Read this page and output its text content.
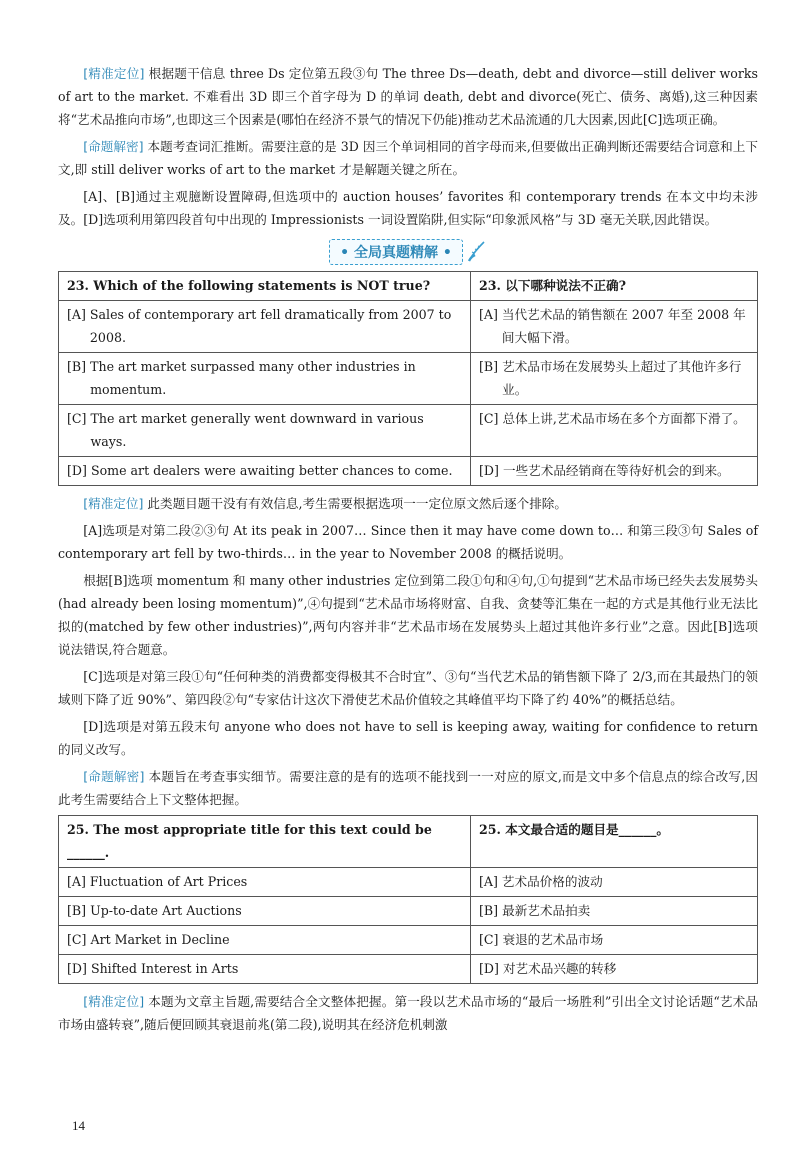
[精准定位] 根据题干信息 three Ds 定位第五段③句 The three Ds—death, debt and divorce—still deliver works of art to the market. 不难看出 3D 即三个首字母为 D 的单词 death, debt and divorce(死亡、债务、离婚),这三种因素将“艺术品推向市场”,也即这三个因素是(哪怕在经济不景气的情况下仍能)推动艺术品流通的几大因素,因此[C]选项正确。

[命题解密] 本题考查词汇推断。需要注意的是 3D 因三个单词相同的首字母而来,但要做出正确判断还需要结合词意和上下文,即 still deliver works of art to the market 才是解题关键之所在。

[A]、[B]通过主观臆断设置障碍,但选项中的 auction houses’ favorites 和 contemporary trends 在本文中均未涉及。[D]选项利用第四段首句中出现的 Impressionists 一词设置陷阱,但实际“印象派风格”与 3D 毫无关联,因此错误。

• 全局真题精解 •
23. Which of the following statements is NOT true?	23. 以下哪种说法不正确?

[A] Sales of contemporary art fell dramatically from 2007 to 2008.	[A] 当代艺术品的销售额在 2007 年至 2008 年间大幅下滑。

[B] The art market surpassed many other industries in momentum.	[B] 艺术品市场在发展势头上超过了其他许多行业。

[C] The art market generally went downward in various ways.	[C] 总体上讲,艺术品市场在多个方面都下滑了。

[D] Some art dealers were awaiting better chances to come.	[D] 一些艺术品经销商在等待好机会的到来。

[精准定位] 此类题目题干没有有效信息,考生需要根据选项一一定位原文然后逐个排除。

[A]选项是对第二段②③句 At its peak in 2007… Since then it may have come down to… 和第三段③句 Sales of contemporary art fell by two-thirds… in the year to November 2008 的概括说明。

根据[B]选项 momentum 和 many other industries 定位到第二段①句和④句,①句提到“艺术品市场已经失去发展势头(had already been losing momentum)”,④句提到“艺术品市场将财富、自我、贪婪等汇集在一起的方式是其他行业无法比拟的(matched by few other industries)”,两句内容并非“艺术品市场在发展势头上超过其他许多行业”之意。因此[B]选项说法错误,符合题意。

[C]选项是对第三段①句“任何种类的消费都变得极其不合时宜”、③句“当代艺术品的销售额下降了 2/3,而在其最热门的领域则下降了近 90%”、第四段②句“专家估计这次下滑使艺术品价值较之其峰值平均下降了约 40%”的概括总结。

[D]选项是对第五段末句 anyone who does not have to sell is keeping away, waiting for confidence to return 的同义改写。

[命题解密] 本题旨在考查事实细节。需要注意的是有的选项不能找到一一对应的原文,而是文中多个信息点的综合改写,因此考生需要结合上下文整体把握。

25. The most appropriate title for this text could be ______.	25. 本文最合适的题目是______。

[A] Fluctuation of Art Prices	[A] 艺术品价格的波动

[B] Up-to-date Art Auctions	[B] 最新艺术品拍卖

[C] Art Market in Decline	[C] 衰退的艺术品市场

[D] Shifted Interest in Arts	[D] 对艺术品兴趣的转移

[精准定位] 本题为文章主旨题,需要结合全文整体把握。第一段以艺术品市场的“最后一场胜利”引出全文讨论话题“艺术品市场由盛转衰”,随后便回顾其衰退前兆(第二段),说明其在经济危机刺激

14
